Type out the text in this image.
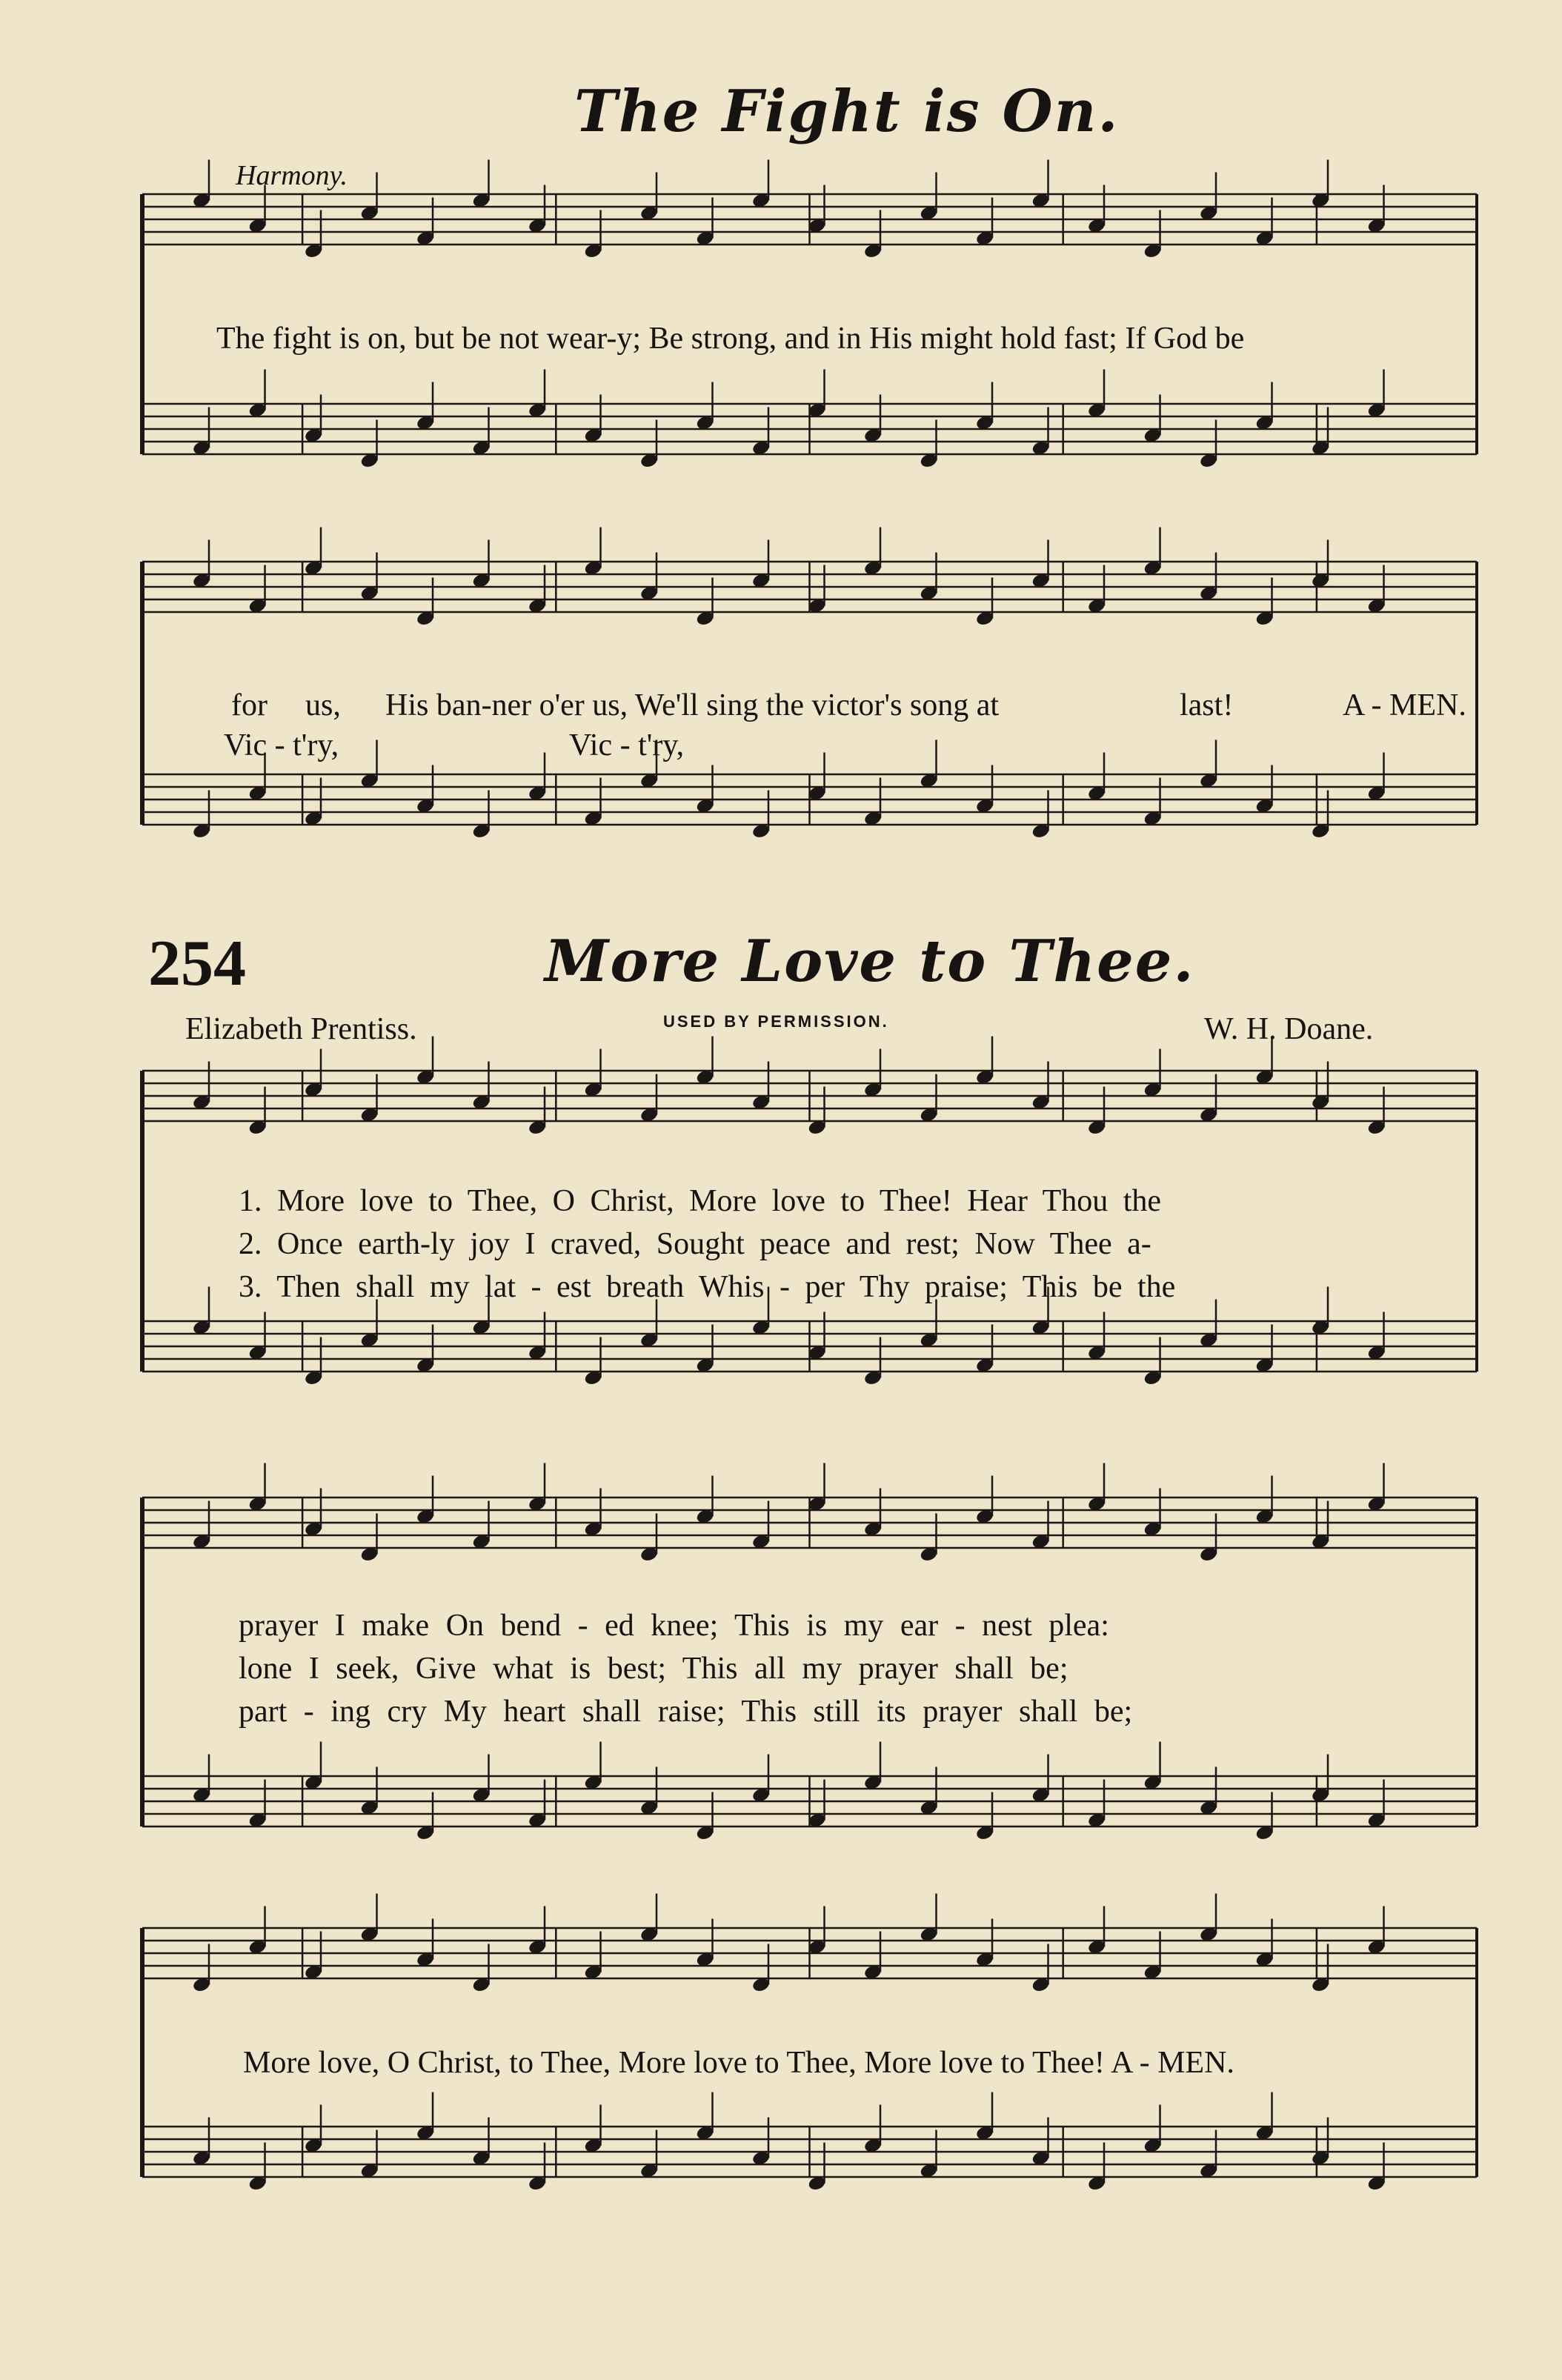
The Fight is On.
Harmony.
The fight is on, but be not wear-y; Be strong, and in His might hold fast; If God be
for us, His ban-ner o'er us, We'll sing the victor's song at	last!	A - MEN.
Vic - t'ry,	Vic - t'ry,
254	More Love to Thee.
Elizabeth Prentiss.	USED BY PERMISSION.	W. H. Doane.
1. More love to Thee, O Christ, More love to Thee! Hear Thou the
2. Once earth-ly joy I craved, Sought peace and rest; Now Thee a-
3. Then shall my lat - est breath Whis - per Thy praise; This be the
prayer I make On bend - ed knee; This is my ear - nest plea:
lone I seek, Give what is best; This all my prayer shall be;
part - ing cry My heart shall raise; This still its prayer shall be;
More love, O Christ, to Thee, More love to Thee, More love to Thee! A - MEN.
